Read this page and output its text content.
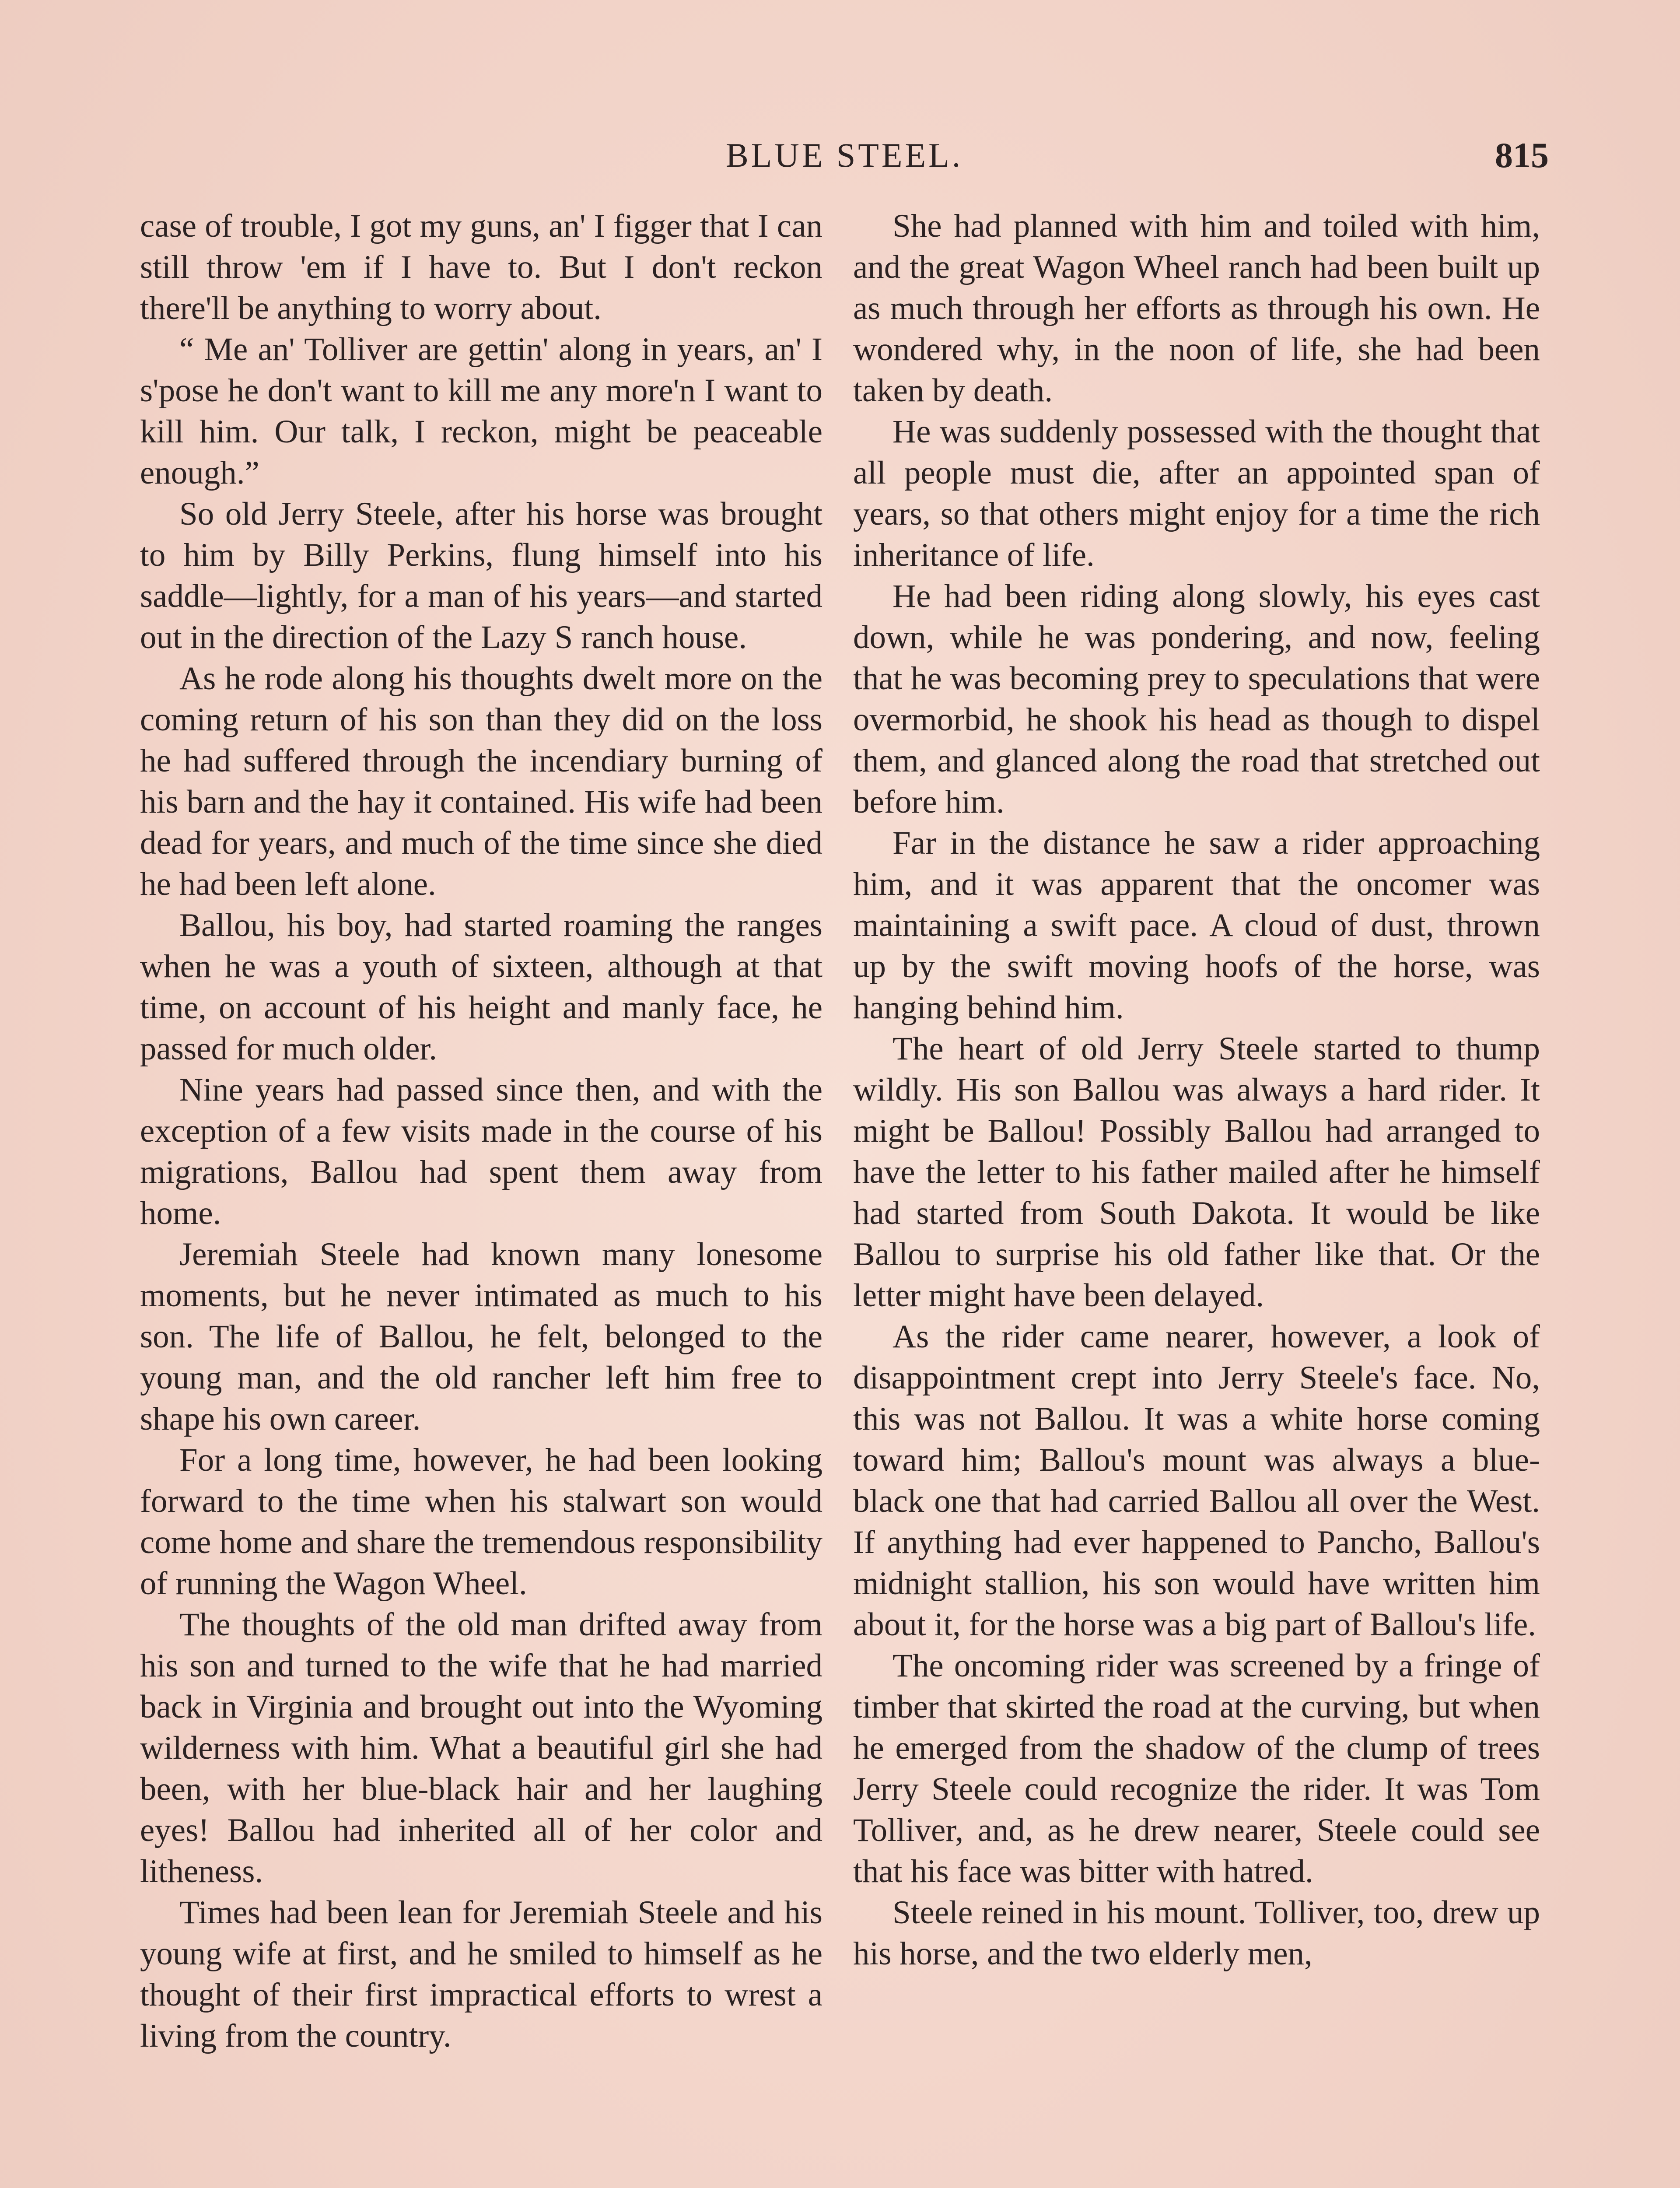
BLUE STEEL.	815

case of trouble, I got my guns, an' I figger that I can still throw 'em if I have to. But I don't reckon there'll be anything to worry about.

“ Me an' Tolliver are gettin' along in years, an' I s'pose he don't want to kill me any more'n I want to kill him. Our talk, I reckon, might be peaceable enough.”

So old Jerry Steele, after his horse was brought to him by Billy Perkins, flung himself into his saddle—lightly, for a man of his years—and started out in the direction of the Lazy S ranch house.

As he rode along his thoughts dwelt more on the coming return of his son than they did on the loss he had suffered through the incendiary burning of his barn and the hay it contained. His wife had been dead for years, and much of the time since she died he had been left alone.

Ballou, his boy, had started roaming the ranges when he was a youth of sixteen, although at that time, on account of his height and manly face, he passed for much older.

Nine years had passed since then, and with the exception of a few visits made in the course of his migrations, Ballou had spent them away from home.

Jeremiah Steele had known many lonesome moments, but he never intimated as much to his son. The life of Ballou, he felt, belonged to the young man, and the old rancher left him free to shape his own career.

For a long time, however, he had been looking forward to the time when his stalwart son would come home and share the tremendous responsibility of running the Wagon Wheel.

The thoughts of the old man drifted away from his son and turned to the wife that he had married back in Virginia and brought out into the Wyoming wilderness with him. What a beautiful girl she had been, with her blue-black hair and her laughing eyes! Ballou had inherited all of her color and litheness.

Times had been lean for Jeremiah Steele and his young wife at first, and he smiled to himself as he thought of their first impractical efforts to wrest a living from the country.

She had planned with him and toiled with him, and the great Wagon Wheel ranch had been built up as much through her efforts as through his own. He wondered why, in the noon of life, she had been taken by death.

He was suddenly possessed with the thought that all people must die, after an appointed span of years, so that others might enjoy for a time the rich inheritance of life.

He had been riding along slowly, his eyes cast down, while he was pondering, and now, feeling that he was becoming prey to speculations that were overmorbid, he shook his head as though to dispel them, and glanced along the road that stretched out before him.

Far in the distance he saw a rider approaching him, and it was apparent that the oncomer was maintaining a swift pace. A cloud of dust, thrown up by the swift moving hoofs of the horse, was hanging behind him.

The heart of old Jerry Steele started to thump wildly. His son Ballou was always a hard rider. It might be Ballou! Possibly Ballou had arranged to have the letter to his father mailed after he himself had started from South Dakota. It would be like Ballou to surprise his old father like that. Or the letter might have been delayed.

As the rider came nearer, however, a look of disappointment crept into Jerry Steele's face. No, this was not Ballou. It was a white horse coming toward him; Ballou's mount was always a blue-black one that had carried Ballou all over the West. If anything had ever happened to Pancho, Ballou's midnight stallion, his son would have written him about it, for the horse was a big part of Ballou's life.

The oncoming rider was screened by a fringe of timber that skirted the road at the curving, but when he emerged from the shadow of the clump of trees Jerry Steele could recognize the rider. It was Tom Tolliver, and, as he drew nearer, Steele could see that his face was bitter with hatred.

Steele reined in his mount. Tolliver, too, drew up his horse, and the two elderly men,
